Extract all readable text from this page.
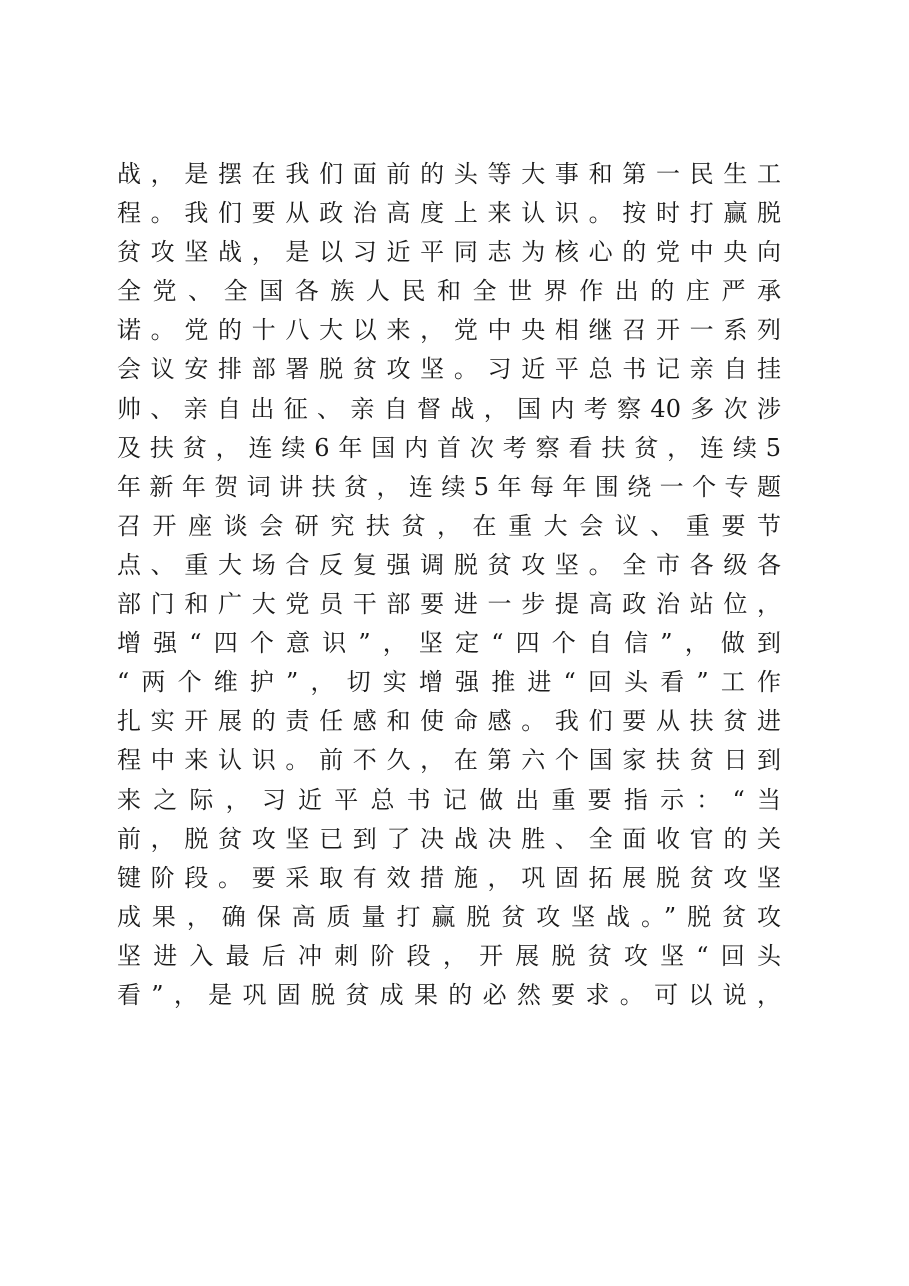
战，是摆在我们面前的头等大事和第一民生工
程。我们要从政治高度上来认识。按时打赢脱
贫攻坚战，是以习近平同志为核心的党中央向
全党、全国各族人民和全世界作出的庄严承
诺。党的十八大以来，党中央相继召开一系列
会议安排部署脱贫攻坚。习近平总书记亲自挂
帅、亲自出征、亲自督战，国内考察40多次涉
及扶贫，连续6年国内首次考察看扶贫，连续5
年新年贺词讲扶贫，连续5年每年围绕一个专题
召开座谈会研究扶贫，在重大会议、重要节
点、重大场合反复强调脱贫攻坚。全市各级各
部门和广大党员干部要进一步提高政治站位，
增强“四个意识”，坚定“四个自信”，做到
“两个维护”，切实增强推进“回头看”工作
扎实开展的责任感和使命感。我们要从扶贫进
程中来认识。前不久，在第六个国家扶贫日到
来之际，习近平总书记做出重要指示：“当
前，脱贫攻坚已到了决战决胜、全面收官的关
键阶段。要采取有效措施，巩固拓展脱贫攻坚
成果，确保高质量打赢脱贫攻坚战。”脱贫攻
坚进入最后冲刺阶段，开展脱贫攻坚“回头
看”，是巩固脱贫成果的必然要求。可以说，
